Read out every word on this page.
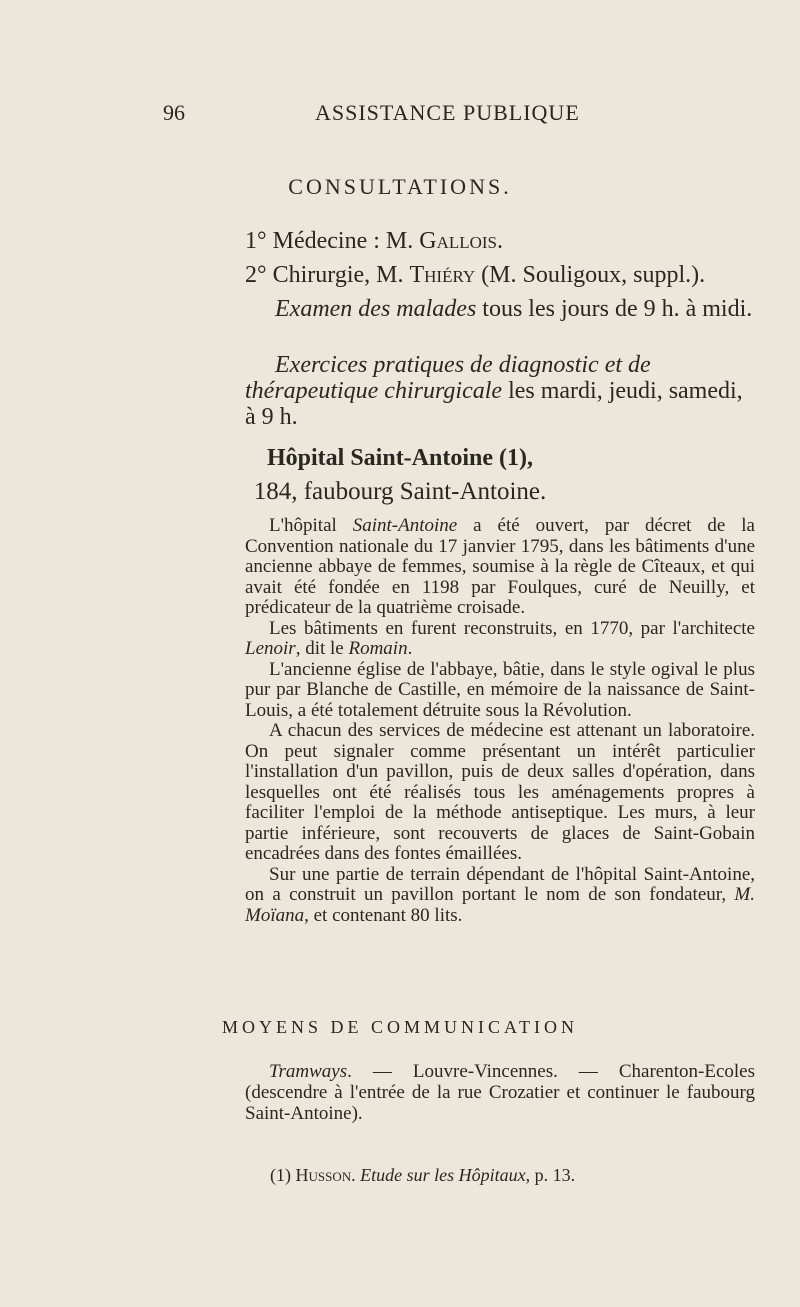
96	ASSISTANCE PUBLIQUE
CONSULTATIONS.
1° Médecine : M. Gallois.
2° Chirurgie, M. Thiéry (M. Souligoux, suppl.).
Examen des malades tous les jours de 9 h. à midi.
Exercices pratiques de diagnostic et de thérapeutique chirurgicale les mardi, jeudi, samedi, à 9 h.
Hôpital Saint-Antoine (1),
184, faubourg Saint-Antoine.

L'hôpital Saint-Antoine a été ouvert, par décret de la Convention nationale du 17 janvier 1795, dans les bâtiments d'une ancienne abbaye de femmes, soumise à la règle de Cîteaux, et qui avait été fondée en 1198 par Foulques, curé de Neuilly, et prédicateur de la quatrième croisade.

Les bâtiments en furent reconstruits, en 1770, par l'architecte Lenoir, dit le Romain.

L'ancienne église de l'abbaye, bâtie, dans le style ogival le plus pur par Blanche de Castille, en mémoire de la naissance de Saint-Louis, a été totalement détruite sous la Révolution.

A chacun des services de médecine est attenant un laboratoire. On peut signaler comme présentant un intérêt particulier l'installation d'un pavillon, puis de deux salles d'opération, dans lesquelles ont été réalisés tous les aménagements propres à faciliter l'emploi de la méthode antiseptique. Les murs, à leur partie inférieure, sont recouverts de glaces de Saint-Gobain encadrées dans des fontes émaillées.

Sur une partie de terrain dépendant de l'hôpital Saint-Antoine, on a construit un pavillon portant le nom de son fondateur, M. Moïana, et contenant 80 lits.

MOYENS DE COMMUNICATION
Tramways. — Louvre-Vincennes. — Charenton-Ecoles (descendre à l'entrée de la rue Crozatier et continuer le faubourg Saint-Antoine).
(1) Husson. Etude sur les Hôpitaux, p. 13.
